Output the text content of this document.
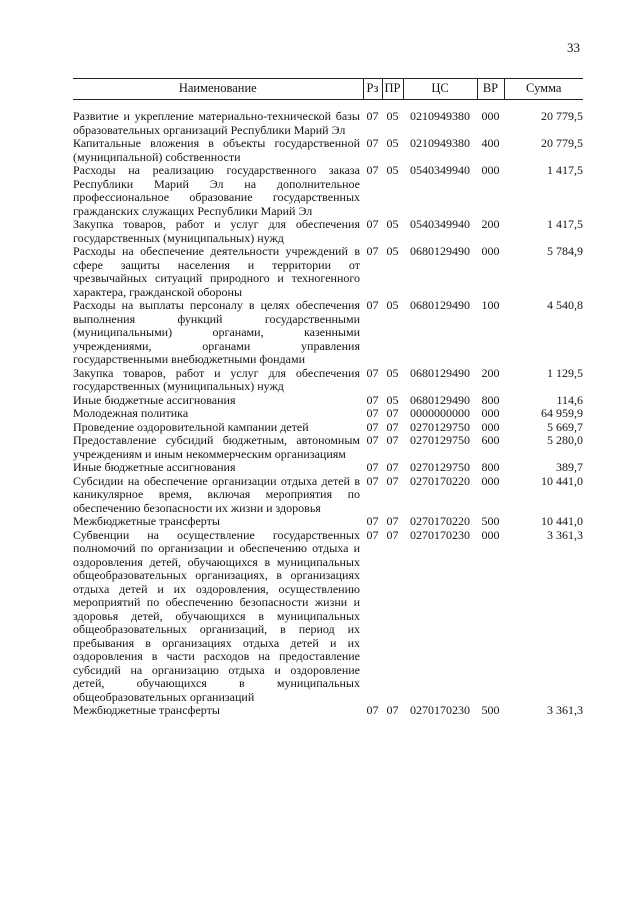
33
Наименование	Рз	ПР	ЦС	ВР	Сумма
Развитие и укрепление материально-технической базы образовательных организаций Республики Марий Эл	07	05	0210949380	000	20 779,5
Капитальные вложения в объекты государственной (муниципальной) собственности	07	05	0210949380	400	20 779,5
Расходы на реализацию государственного заказа Республики Марий Эл на дополнительное профессиональное образование государственных гражданских служащих Республики Марий Эл	07	05	0540349940	000	1 417,5
Закупка товаров, работ и услуг для обеспечения государственных (муниципальных) нужд	07	05	0540349940	200	1 417,5
Расходы на обеспечение деятельности учреждений в сфере защиты населения и территории от чрезвычайных ситуаций природного и техногенного характера, гражданской обороны	07	05	0680129490	000	5 784,9
Расходы на выплаты персоналу в целях обеспечения выполнения функций государственными (муниципальными) органами, казенными учреждениями, органами управления государственными внебюджетными фондами	07	05	0680129490	100	4 540,8
Закупка товаров, работ и услуг для обеспечения государственных (муниципальных) нужд	07	05	0680129490	200	1 129,5
Иные бюджетные ассигнования	07	05	0680129490	800	114,6
Молодежная политика	07	07	0000000000	000	64 959,9
Проведение оздоровительной кампании детей	07	07	0270129750	000	5 669,7
Предоставление субсидий бюджетным, автономным учреждениям и иным некоммерческим организациям	07	07	0270129750	600	5 280,0
Иные бюджетные ассигнования	07	07	0270129750	800	389,7
Субсидии на обеспечение организации отдыха детей в каникулярное время, включая мероприятия по обеспечению безопасности их жизни и здоровья	07	07	0270170220	000	10 441,0
Межбюджетные трансферты	07	07	0270170220	500	10 441,0
Субвенции на осуществление государственных полномочий по организации и обеспечению отдыха и оздоровления детей, обучающихся в муниципальных общеобразовательных организациях, в организациях отдыха детей и их оздоровления, осуществлению мероприятий по обеспечению безопасности жизни и здоровья детей, обучающихся в муниципальных общеобразовательных организаций, в период их пребывания в организациях отдыха детей и их оздоровления в части расходов на предоставление субсидий на организацию отдыха и оздоровление детей, обучающихся в муниципальных общеобразовательных организаций	07	07	0270170230	000	3 361,3
Межбюджетные трансферты	07	07	0270170230	500	3 361,3
